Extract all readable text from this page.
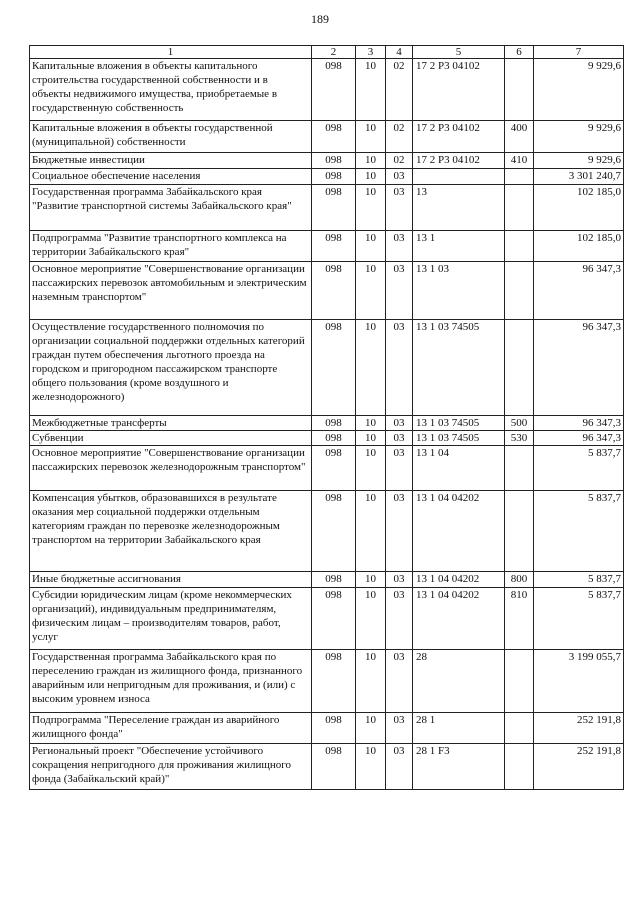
189
1	2	3	4	5	6	7
Капитальные вложения в объекты капитального строительства государственной собственности и в объекты недвижимого имущества, приобретаемые в государственную собственность	098	10	02	17 2 Р3 04102		9 929,6
Капитальные вложения в объекты государственной (муниципальной) собственности	098	10	02	17 2 Р3 04102	400	9 929,6
Бюджетные инвестиции	098	10	02	17 2 Р3 04102	410	9 929,6
Социальное обеспечение населения	098	10	03			3 301 240,7
Государственная программа Забайкальского края "Развитие транспортной системы Забайкальского края"	098	10	03	13		102 185,0
Подпрограмма "Развитие транспортного комплекса на территории Забайкальского края"	098	10	03	13 1		102 185,0
Основное мероприятие "Совершенствование организации пассажирских перевозок автомобильным и электрическим наземным транспортом"	098	10	03	13 1 03		96 347,3
Осуществление государственного полномочия по организации социальной поддержки отдельных категорий граждан путем обеспечения льготного проезда на городском и пригородном пассажирском транспорте общего пользования (кроме воздушного и железнодорожного)	098	10	03	13 1 03 74505		96 347,3
Межбюджетные трансферты	098	10	03	13 1 03 74505	500	96 347,3
Субвенции	098	10	03	13 1 03 74505	530	96 347,3
Основное мероприятие "Совершенствование организации пассажирских перевозок железнодорожным транспортом"	098	10	03	13 1 04		5 837,7
Компенсация убытков, образовавшихся в результате оказания мер социальной поддержки отдельным категориям граждан по перевозке железнодорожным транспортом на территории Забайкальского края	098	10	03	13 1 04 04202		5 837,7
Иные бюджетные ассигнования	098	10	03	13 1 04 04202	800	5 837,7
Субсидии юридическим лицам (кроме некоммерческих организаций), индивидуальным предпринимателям, физическим лицам – производителям товаров, работ, услуг	098	10	03	13 1 04 04202	810	5 837,7
Государственная программа Забайкальского края по переселению граждан из жилищного фонда, признанного аварийным или непригодным для проживания, и (или) с высоким уровнем износа	098	10	03	28		3 199 055,7
Подпрограмма "Переселение граждан из аварийного жилищного фонда"	098	10	03	28 1		252 191,8
Региональный проект "Обеспечение устойчивого сокращения непригодного для проживания жилищного фонда (Забайкальский край)"	098	10	03	28 1 F3		252 191,8
